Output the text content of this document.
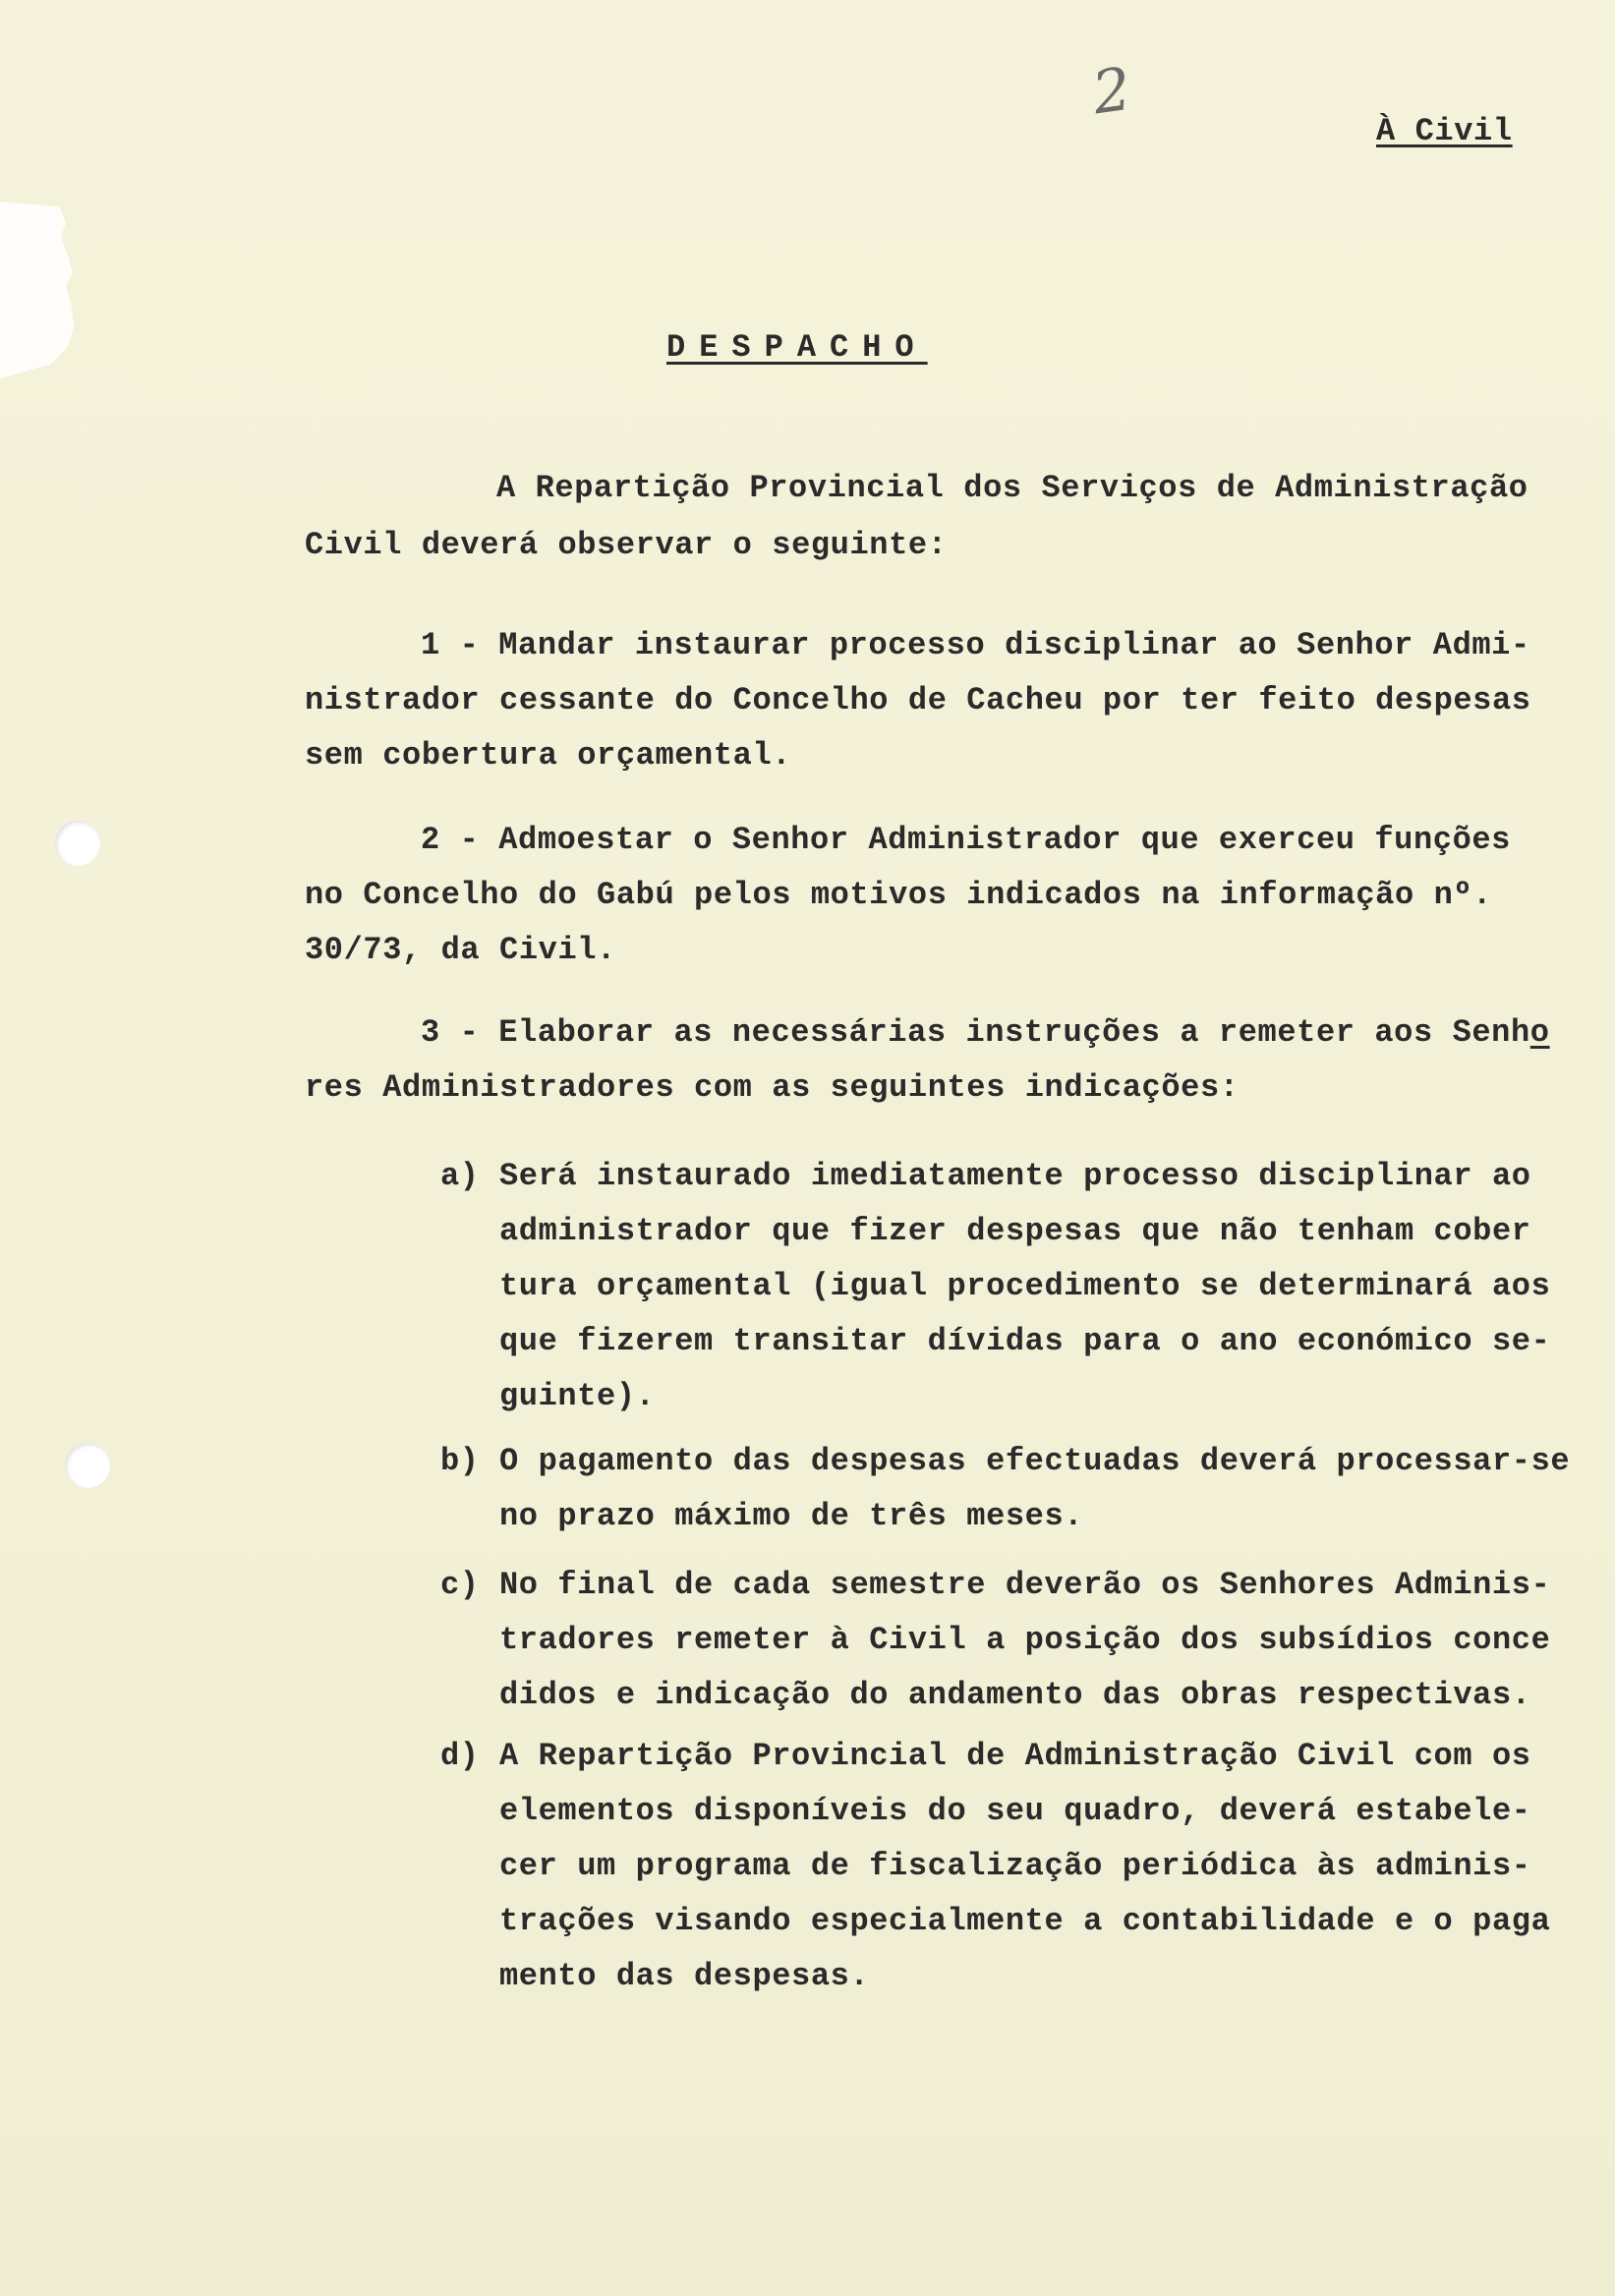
2
À Civil
DESPACHO
A Repartição Provincial dos Serviços de Administração
Civil deverá observar o seguinte:
1 - Mandar instaurar processo disciplinar ao Senhor Admi-
nistrador cessante do Concelho de Cacheu por ter feito despesas
sem cobertura orçamental.
2 - Admoestar o Senhor Administrador que exerceu funções
no Concelho do Gabú pelos motivos indicados na informação nº.
30/73, da Civil.
3 - Elaborar as necessárias instruções a remeter aos Senho
res Administradores com as seguintes indicações:
a) Será instaurado imediatamente processo disciplinar ao
administrador que fizer despesas que não tenham cober
tura orçamental (igual procedimento se determinará aos
que fizerem transitar dívidas para o ano económico se-
guinte).
b) O pagamento das despesas efectuadas deverá processar-se
no prazo máximo de três meses.
c) No final de cada semestre deverão os Senhores Adminis-
tradores remeter à Civil a posição dos subsídios conce
didos e indicação do andamento das obras respectivas.
d) A Repartição Provincial de Administração Civil com os
elementos disponíveis do seu quadro, deverá estabele-
cer um programa de fiscalização periódica às adminis-
trações visando especialmente a contabilidade e o paga
mento das despesas.
